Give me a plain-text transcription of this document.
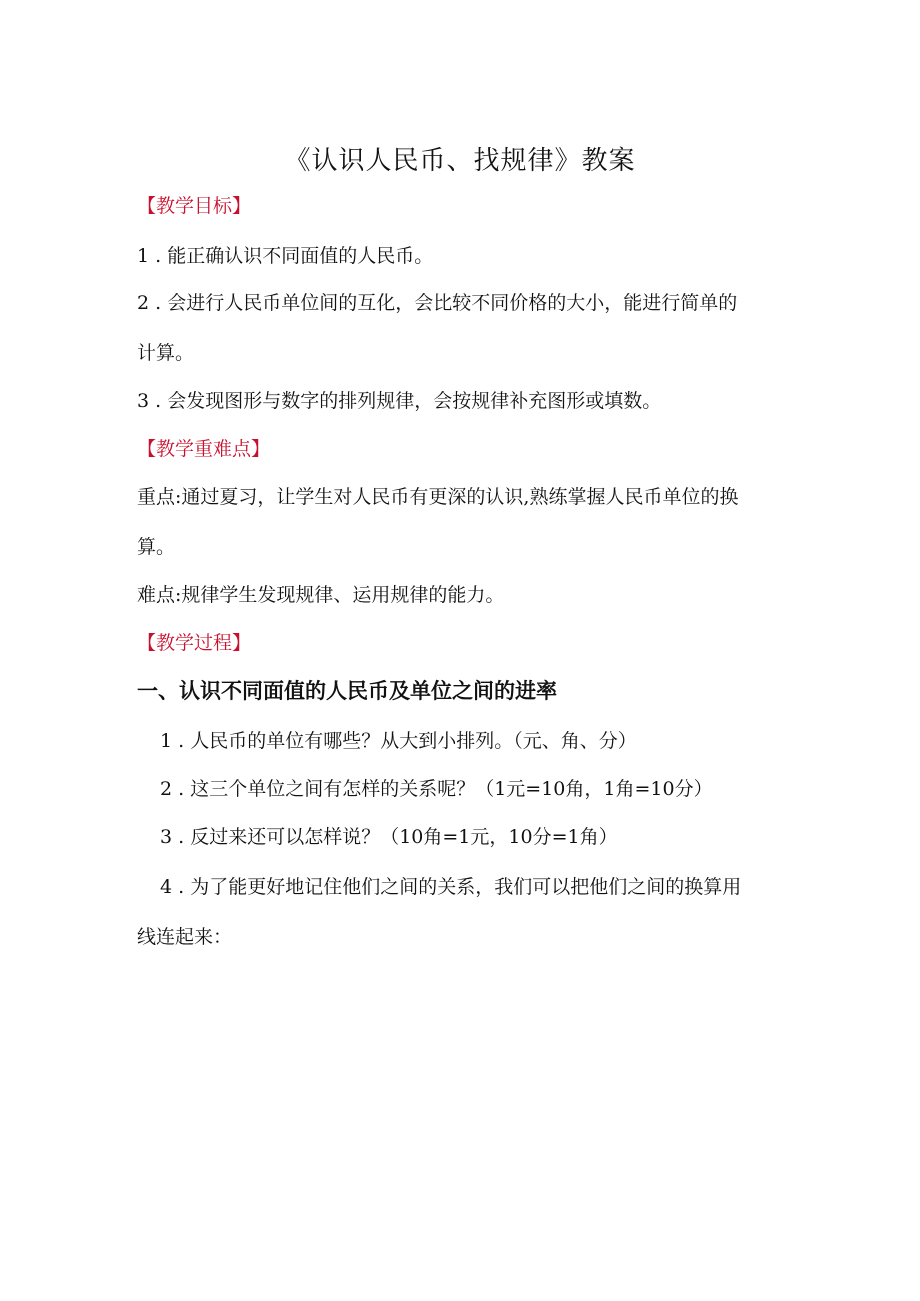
《认识人民币、找规律》教案
【教学目标】
1 . 能正确认识不同面值的人民币。
2 . 会进行人民币单位间的互化，会比较不同价格的大小，能进行简单的
计算。
3 . 会发现图形与数字的排列规律，会按规律补充图形或填数。
【教学重难点】
重点:通过夏习，让学生对人民币有更深的认识,熟练掌握人民币单位的换
算。
难点:规律学生发现规律、运用规律的能力。
【教学过程】
一、认识不同面值的人民币及单位之间的进率
1 . 人民币的单位有哪些？从大到小排列。（元、角、分）
2 . 这三个单位之间有怎样的关系呢？（1元=10角，1角=10分）
3 . 反过来还可以怎样说？（10角=1元，10分=1角）
4 . 为了能更好地记住他们之间的关系，我们可以把他们之间的换算用
线连起来：
